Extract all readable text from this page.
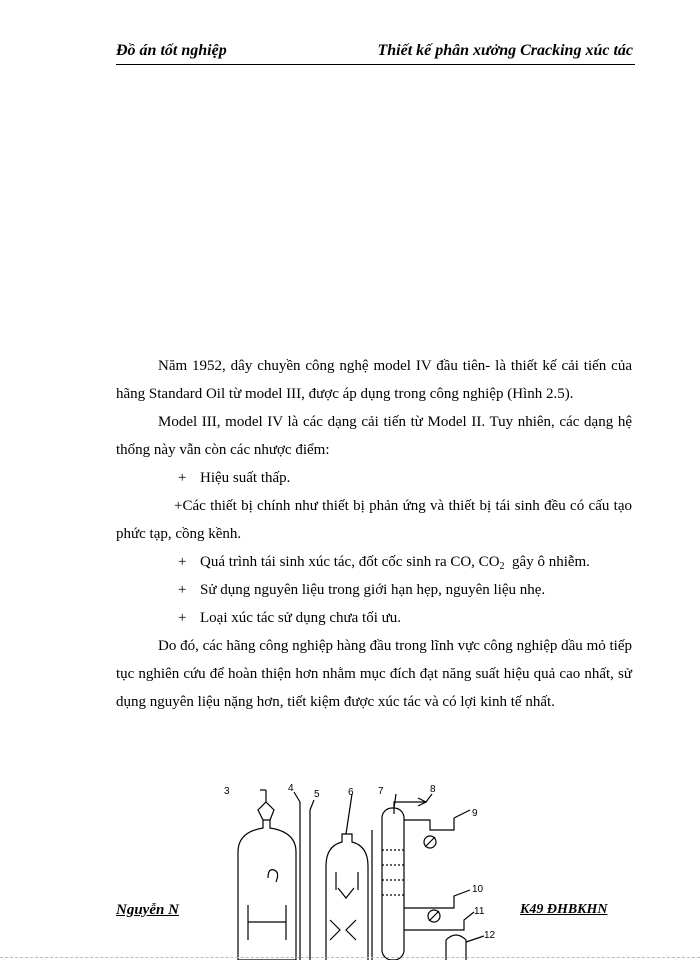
Đồ án tốt nghiệp	Thiết kế phân xưởng Cracking xúc tác

Năm 1952, dây chuyền công nghệ model IV đầu tiên- là thiết kế cải tiến của hãng Standard Oil từ model III, được áp dụng trong công nghiệp (Hình 2.5).

Model III, model IV là các dạng cải tiến từ Model II. Tuy nhiên, các dạng hệ thống này vẫn còn các nhược điểm:

+ Hiệu suất thấp.

+Các thiết bị chính như thiết bị phản ứng và thiết bị tái sinh đều có cấu tạo phức tạp, cồng kềnh.

+ Quá trình tái sinh xúc tác, đốt cốc sinh ra CO, $CO_2$ gây ô nhiễm.

+ Sử dụng nguyên liệu trong giới hạn hẹp, nguyên liệu nhẹ.

+ Loại xúc tác sử dụng chưa tối ưu.

Do đó, các hãng công nghiệp hàng đầu trong lĩnh vực công nghiệp dầu mỏ tiếp tục nghiên cứu để hoàn thiện hơn nhằm mục đích đạt năng suất hiệu quả cao nhất, sử dụng nguyên liệu nặng hơn, tiết kiệm được xúc tác và có lợi kinh tế nhất.

3	4
5	6 7	8
9
10
11
12
Nguyễn N	K49 ĐHBKHN
